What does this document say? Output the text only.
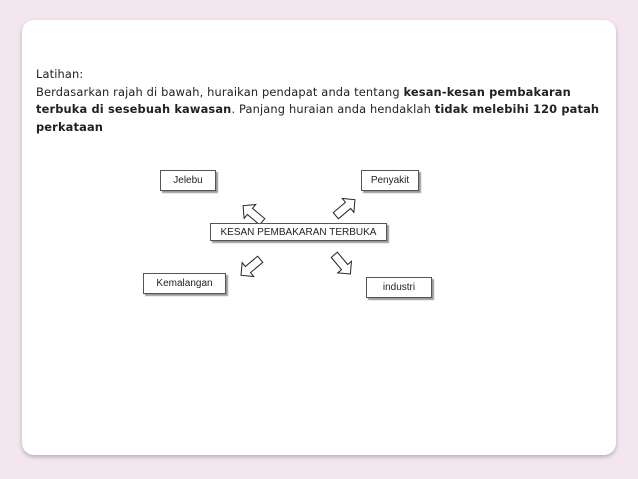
Latihan:
Berdasarkan rajah di bawah, huraikan pendapat anda tentang kesan-kesan pembakaran terbuka di sesebuah kawasan. Panjang huraian anda hendaklah tidak melebihi 120 patah perkataan
Jelebu	Penyakit
KESAN PEMBAKARAN TERBUKA
Kemalangan	industri
